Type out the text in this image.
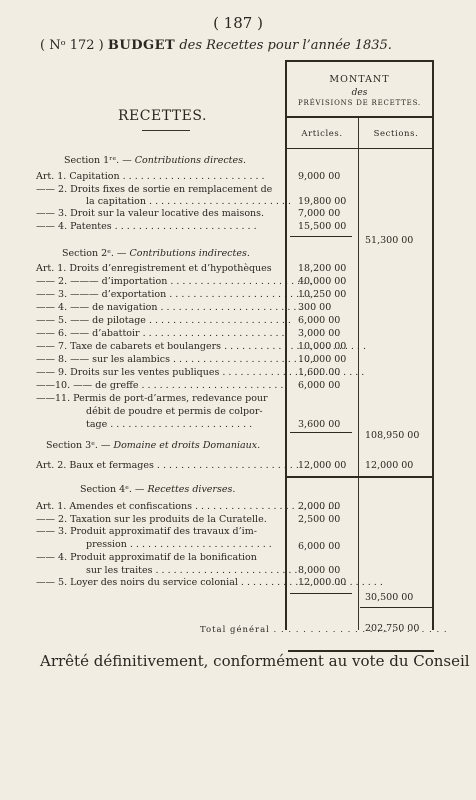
( 187 )
( Nᵒ 172 ) BUDGET des Recettes pour l’année 1835.
MONTANT
des
PRÉVISIONS DE RECETTES.
Articles.	Sections.
RECETTES.
Section 1ʳᵉ. — Contributions directes.
Art. 1. Capitation . . .	9,000 00
—— 2. Droits fixes de sortie en remplacement de
la capitation . . .	19,800 00
—— 3. Droit sur la valeur locative des maisons.	7,000 00
—— 4. Patentes . . .	15,500 00
51,300 00
Section 2ᵉ. — Contributions indirectes.
Art. 1. Droits d’enregistrement et d’hypothèques	18,200 00
—— 2. ——— d’importation . . .	40,000 00
—— 3. ——— d’exportation . . .	10,250 00
—— 4. —— de navigation . . .	300 00
—— 5. —— de pilotage . . .	6,000 00
—— 6. —— d’abattoir . . .	3,000 00
—— 7. Taxe de cabarets et boulangers . . .	10,000 00
—— 8. —— sur les alambics . . .	10,000 00
—— 9. Droits sur les ventes publiques . . .	1,600 00
——10. —— de greffe . . .	6,000 00
——11. Permis de port-d’armes, redevance pour
débit de poudre et permis de colpor-
tage . . .	3,600 00
108,950 00
Section 3ᵉ. — Domaine et droits Domaniaux.
Art. 2. Baux et fermages . . .	12,000 00	12,000 00
Section 4ᵉ. — Recettes diverses.
Art. 1. Amendes et confiscations . . .	2,000 00
—— 2. Taxation sur les produits de la Curatelle.	2,500 00
—— 3. Produit approximatif des travaux d’im-
pression . . .	6,000 00
—— 4. Produit approximatif de la bonification
sur les traites . . .	8,000 00
—— 5. Loyer des noirs du service colonial . . .	12,000 00
30,500 00
Total général . . .	202,750 00
Arrêté définitivement, conformément au vote du Conseil
